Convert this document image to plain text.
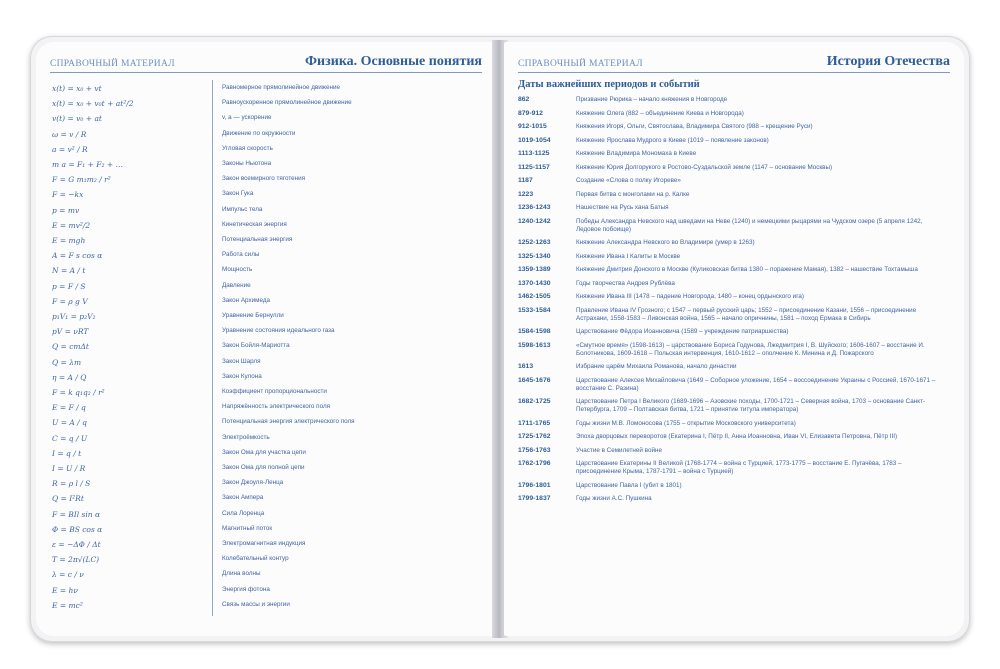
СПРАВОЧНЫЙ МАТЕРИАЛ	Физика. Основные понятия
x(t) = x₀ + vt	Равномерное прямолинейное движение
x(t) = x₀ + v₀t + at²/2	Равноускоренное прямолинейное движение
v(t) = v₀ + at	v, a — ускорение
ω = v / R	Движение по окружности
a = v² / R	Угловая скорость
m a = F₁ + F₂ + …	Законы Ньютона
F = G m₁m₂ / r²	Закон всемирного тяготения
F = −kx	Закон Гука
p = mv	Импульс тела
E = mv²/2	Кинетическая энергия
E = mgh	Потенциальная энергия
A = F s cos α	Работа силы
N = A / t	Мощность
p = F / S	Давление
F = ρ g V	Закон Архимеда
p₁V₁ = p₂V₂	Уравнение Бернулли
pV = νRT	Уравнение состояния идеального газа
Q = cmΔt	Закон Бойля-Мариотта
Q = λm	Закон Шарля
η = A / Q	Закон Кулона
F = k q₁q₂ / r²	Коэффициент пропорциональности
E = F / q	Напряжённость электрического поля
U = A / q	Потенциальная энергия электрического поля
C = q / U	Электроёмкость
I = q / t	Закон Ома для участка цепи
I = U / R	Закон Ома для полной цепи
R = ρ l / S	Закон Джоуля-Ленца
Q = I²Rt	Закон Ампера
F = BIl sin α	Сила Лоренца
Φ = BS cos α	Магнитный поток
ε = −ΔΦ / Δt	Электромагнитная индукция
T = 2π√(LC)	Колебательный контур
λ = c / ν	Длина волны
E = hν	Энергия фотона
E = mc²	Связь массы и энергии
СПРАВОЧНЫЙ МАТЕРИАЛ	История Отечества
Даты важнейших периодов и событий
862	Призвание Рюрика – начало княжения в Новгороде
879-912	Княжение Олега (882 – объединение Киева и Новгорода)
912-1015	Княжения Игоря, Ольги, Святослава, Владимира Святого (988 – крещение Руси)
1019-1054	Княжение Ярослава Мудрого в Киеве (1019 – появление законов)
1113-1125	Княжение Владимира Мономаха в Киеве
1125-1157	Княжение Юрия Долгорукого в Ростово-Суздальской земле (1147 – основание Москвы)
1187	Создание «Слова о полку Игореве»
1223	Первая битва с монголами на р. Калке
1236-1243	Нашествие на Русь хана Батыя
1240-1242	Победы Александра Невского над шведами на Неве (1240) и немецкими рыцарями на Чудском озере (5 апреля 1242, Ледовое побоище)
1252-1263	Княжение Александра Невского во Владимире (умер в 1263)
1325-1340	Княжение Ивана I Калиты в Москве
1359-1389	Княжение Дмитрия Донского в Москве (Куликовская битва 1380 – поражение Мамая), 1382 – нашествие Тохтамыша
1370-1430	Годы творчества Андрея Рублёва
1462-1505	Княжение Ивана III (1478 – падение Новгорода, 1480 – конец ордынского ига)
1533-1584	Правление Ивана IV Грозного; с 1547 – первый русский царь; 1552 – присоединение Казани, 1556 – присоединение Астрахани, 1558-1583 – Ливонская война, 1565 – начало опричнины, 1581 – поход Ермака в Сибирь
1584-1598	Царствование Фёдора Иоанновича (1589 – учреждение патриаршества)
1598-1613	«Смутное время» (1598-1613) – царствование Бориса Годунова, Лжедмитрия I, В. Шуйского; 1606-1607 – восстание И. Болотникова, 1609-1618 – Польская интервенция, 1610-1612 – ополчение К. Минина и Д. Пожарского
1613	Избрание царём Михаила Романова, начало династии
1645-1676	Царствование Алексея Михайловича (1649 – Соборное уложение, 1654 – воссоединение Украины с Россией, 1670-1671 – восстание С. Разина)
1682-1725	Царствование Петра I Великого (1689-1696 – Азовские походы, 1700-1721 – Северная война, 1703 – основание Санкт-Петербурга, 1709 – Полтавская битва, 1721 – принятие титула императора)
1711-1765	Годы жизни М.В. Ломоносова (1755 – открытие Московского университета)
1725-1762	Эпоха дворцовых переворотов (Екатерина I, Пётр II, Анна Иоанновна, Иван VI, Елизавета Петровна, Пётр III)
1756-1763	Участие в Семилетней войне
1762-1796	Царствование Екатерины II Великой (1768-1774 – война с Турцией, 1773-1775 – восстание Е. Пугачёва, 1783 – присоединение Крыма, 1787-1791 – война с Турцией)
1796-1801	Царствование Павла I (убит в 1801)
1799-1837	Годы жизни А.С. Пушкина
